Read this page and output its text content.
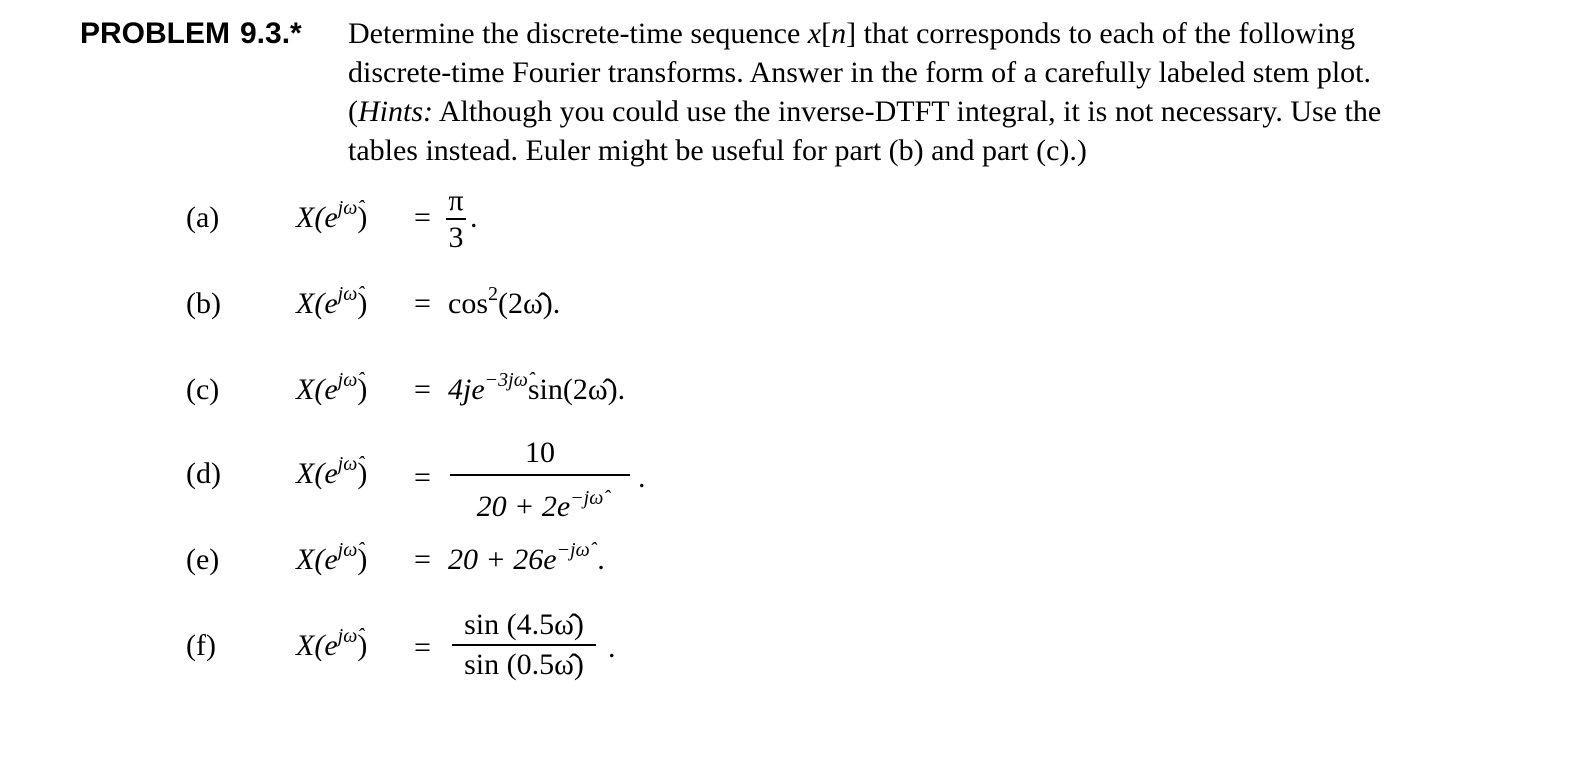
PROBLEM 9.3.* Determine the discrete-time sequence x[n] that corresponds to each of the following
discrete-time Fourier transforms. Answer in the form of a carefully labeled stem plot.
(Hints: Although you could use the inverse-DTFT integral, it is not necessary. Use the
tables instead. Euler might be useful for part (b) and part (c).)
(a)	$X(e^{j\omegâ})$ =
π
3
.
(b)	$X(e^{j\omegâ})$ = $\cos^2(2\omegâ)$.
(c)	$X(e^{j\omegâ})$ = $4je^{-3j\omegâ}\sin(2\omegâ)$.
(d)	$X(e^{j\omegâ})$ =
10
$20 + 2e^{-j\omegâ}$
.
(e)	$X(e^{j\omegâ}) = 20 + 26e^{-j\omegâ}$ .
(f)	$X(e^{j\omegâ})$ =
sin (4.5ω̂)
sin (0.5ω̂)
.
